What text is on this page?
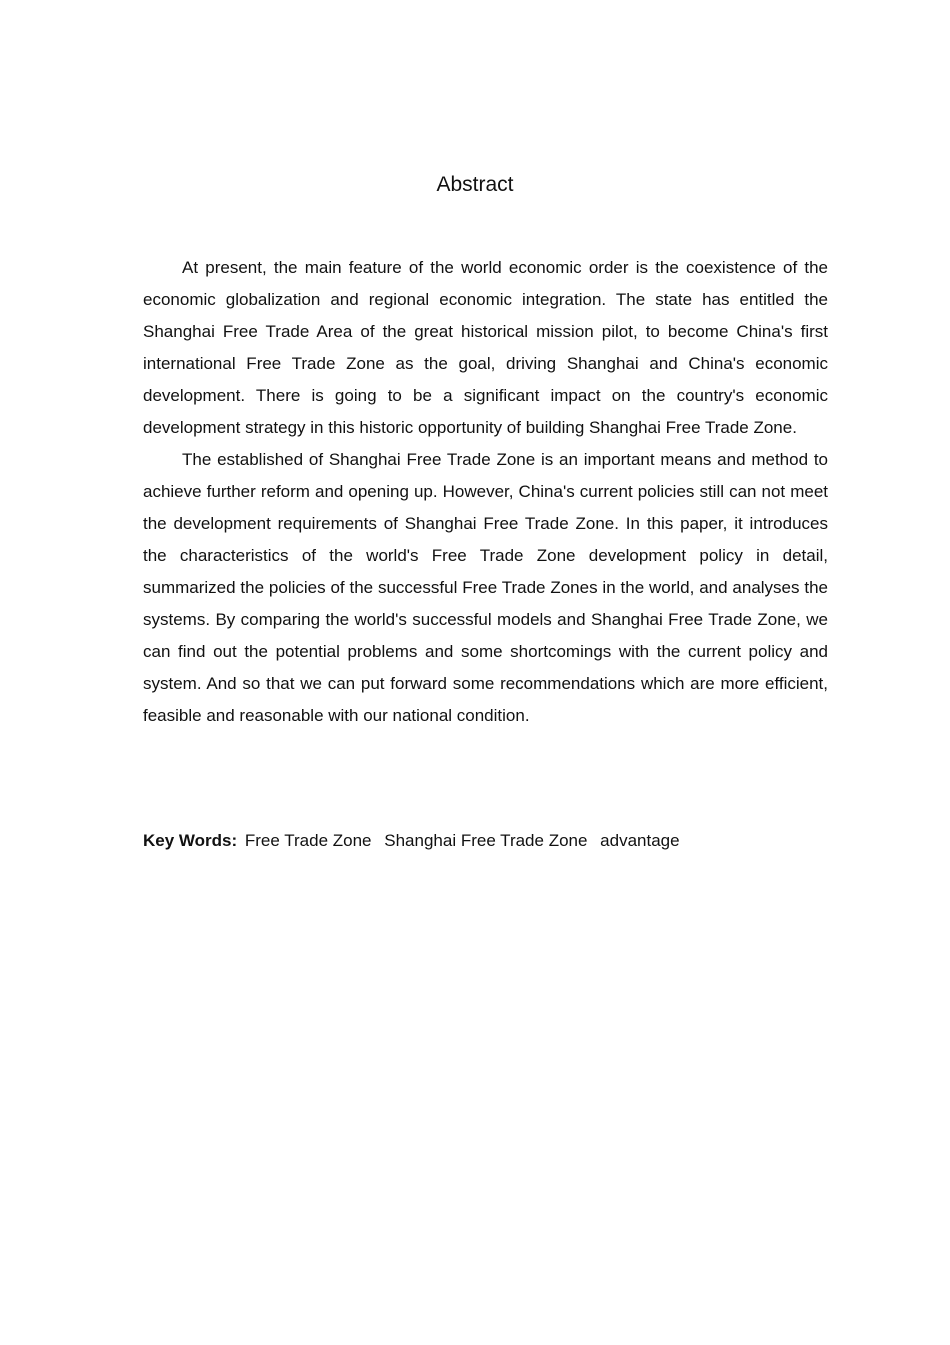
Abstract

At present, the main feature of the world economic order is the coexistence of the economic globalization and regional economic integration. The state has entitled the Shanghai Free Trade Area of the great historical mission pilot, to become China's first international Free Trade Zone as the goal, driving Shanghai and China's economic development. There is going to be a significant impact on the country's economic development strategy in this historic opportunity of building Shanghai Free Trade Zone.

The established of Shanghai Free Trade Zone is an important means and method to achieve further reform and opening up. However, China's current policies still can not meet the development requirements of Shanghai Free Trade Zone. In this paper, it introduces the characteristics of the world's Free Trade Zone development policy in detail, summarized the policies of the successful Free Trade Zones in the world, and analyses the systems. By comparing the world's successful models and Shanghai Free Trade Zone, we can find out the potential problems and some shortcomings with the current policy and system. And so that we can put forward some recommendations which are more efficient, feasible and reasonable with our national condition.

Key Words: Free Trade Zone Shanghai Free Trade Zone advantage
